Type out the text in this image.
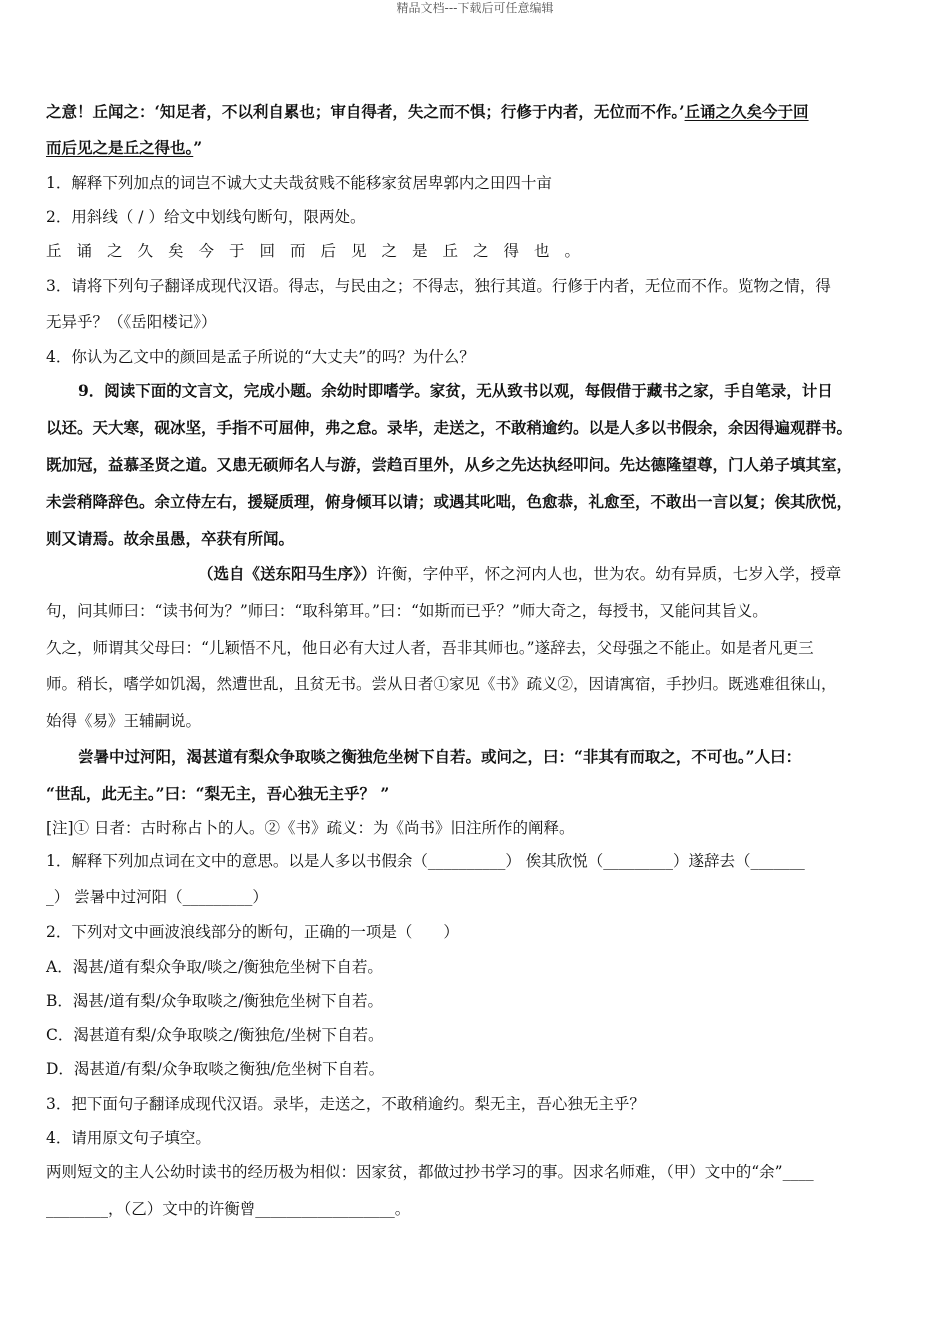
精品文档---下载后可任意编辑
之意！丘闻之：‘知足者，不以利自累也；审自得者，失之而不惧；行修于内者，无位而不作。’丘诵之久矣今于回
而后见之是丘之得也。”
1．解释下列加点的词岂不诚大丈夫哉贫贱不能移家贫居卑郭内之田四十亩
2．用斜线（ / ）给文中划线句断句，限两处。
丘诵之久矣今于回而后见之是丘之得也。
3．请将下列句子翻译成现代汉语。得志，与民由之；不得志，独行其道。行修于内者，无位而不作。览物之情，得
无异乎？（《岳阳楼记》）
4．你认为乙文中的颜回是孟子所说的“大丈夫”的吗？为什么？
9．阅读下面的文言文，完成小题。余幼时即嗜学。家贫，无从致书以观，每假借于藏书之家，手自笔录，计日
以还。天大寒，砚冰坚，手指不可屈伸，弗之怠。录毕，走送之，不敢稍逾约。以是人多以书假余，余因得遍观群书。
既加冠，益慕圣贤之道。又患无硕师名人与游，尝趋百里外，从乡之先达执经叩问。先达德隆望尊，门人弟子填其室，
未尝稍降辞色。余立侍左右，援疑质理，俯身倾耳以请；或遇其叱咄，色愈恭，礼愈至，不敢出一言以复；俟其欣悦，
则又请焉。故余虽愚，卒获有所闻。
（选自《送东阳马生序》）许衡，字仲平，怀之河内人也，世为农。幼有异质，七岁入学，授章
句，问其师曰：“读书何为？”师曰：“取科第耳。”曰：“如斯而已乎？”师大奇之，每授书，又能问其旨义。
久之，师谓其父母曰：“儿颖悟不凡，他日必有大过人者，吾非其师也。”遂辞去，父母强之不能止。如是者凡更三
师。稍长，嗜学如饥渴，然遭世乱，且贫无书。尝从日者①家见《书》疏义②，因请寓宿，手抄归。既逃难徂徕山，
始得《易》王辅嗣说。
尝暑中过河阳，渴甚道有梨众争取啖之衡独危坐树下自若。或问之，曰：“非其有而取之，不可也。”人曰：
“世乱，此无主。”曰：“梨无主，吾心独无主乎？ ”
[注]① 日者：古时称占卜的人。②《书》疏义：为《尚书》旧注所作的阐释。
1．解释下列加点词在文中的意思。以是人多以书假余（__________） 俟其欣悦（_________）遂辞去（_______
_） 尝暑中过河阳（_________）
2．下列对文中画波浪线部分的断句，正确的一项是（　　）
A．渴甚/道有梨众争取/啖之/衡独危坐树下自若。
B．渴甚/道有梨/众争取啖之/衡独危坐树下自若。
C．渴甚道有梨/众争取啖之/衡独危/坐树下自若。
D．渴甚道/有梨/众争取啖之衡独/危坐树下自若。
3．把下面句子翻译成现代汉语。录毕，走送之，不敢稍逾约。梨无主，吾心独无主乎？
4．请用原文句子填空。
两则短文的主人公幼时读书的经历极为相似：因家贫，都做过抄书学习的事。因求名师难，（甲）文中的“余”____
________，（乙）文中的许衡曾__________________。
